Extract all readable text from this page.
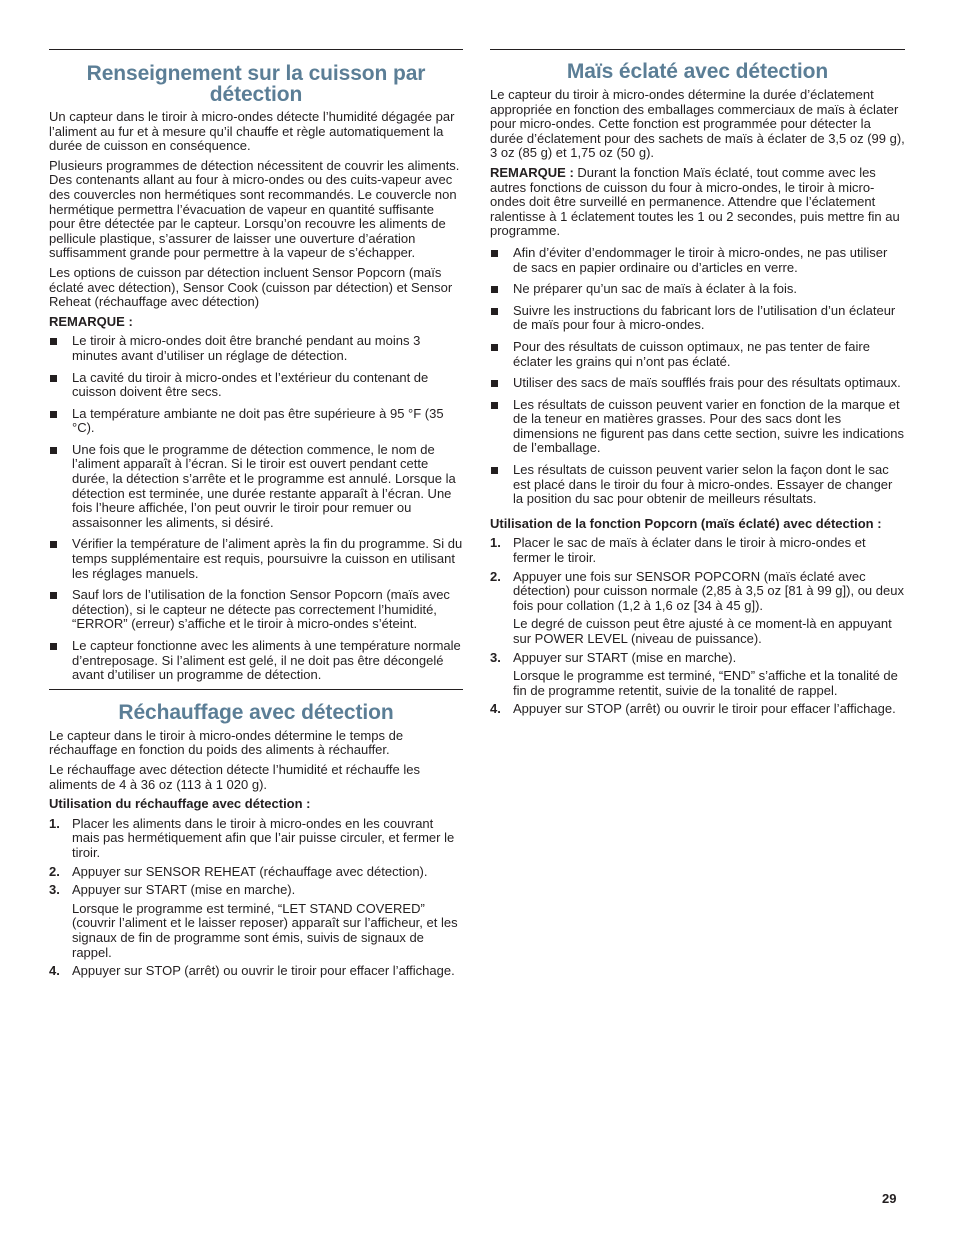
Renseignement sur la cuisson par détection

Un capteur dans le tiroir à micro-ondes détecte l’humidité dégagée par l’aliment au fur et à mesure qu’il chauffe et règle automatiquement la durée de cuisson en conséquence.

Plusieurs programmes de détection nécessitent de couvrir les aliments. Des contenants allant au four à micro-ondes ou des cuits-vapeur avec des couvercles non hermétiques sont recommandés. Le couvercle non hermétique permettra l’évacuation de vapeur en quantité suffisante pour être détectée par le capteur. Lorsqu’on recouvre les aliments de pellicule plastique, s’assurer de laisser une ouverture d’aération suffisamment grande pour permettre à la vapeur de s’échapper.

Les options de cuisson par détection incluent Sensor Popcorn (maïs éclaté avec détection), Sensor Cook (cuisson par détection) et Sensor Reheat (réchauffage avec détection)

REMARQUE :

Le tiroir à micro-ondes doit être branché pendant au moins 3 minutes avant d’utiliser un réglage de détection.
La cavité du tiroir à micro-ondes et l’extérieur du contenant de cuisson doivent être secs.
La température ambiante ne doit pas être supérieure à 95 °F (35 °C).
Une fois que le programme de détection commence, le nom de l’aliment apparaît à l’écran. Si le tiroir est ouvert pendant cette durée, la détection s’arrête et le programme est annulé. Lorsque la détection est terminée, une durée restante apparaît à l’écran. Une fois l’heure affichée, l’on peut ouvrir le tiroir pour remuer ou assaisonner les aliments, si désiré.
Vérifier la température de l’aliment après la fin du programme. Si du temps supplémentaire est requis, poursuivre la cuisson en utilisant les réglages manuels.
Sauf lors de l’utilisation de la fonction Sensor Popcorn (maïs avec détection), si le capteur ne détecte pas correctement l’humidité, “ERROR” (erreur) s’affiche et le tiroir à micro-ondes s’éteint.
Le capteur fonctionne avec les aliments à une température normale d’entreposage. Si l’aliment est gelé, il ne doit pas être décongelé avant d’utiliser un programme de détection.
Réchauffage avec détection

Le capteur dans le tiroir à micro-ondes détermine le temps de réchauffage en fonction du poids des aliments à réchauffer.

Le réchauffage avec détection détecte l’humidité et réchauffe les aliments de 4 à 36 oz (113 à 1 020 g).

Utilisation du réchauffage avec détection :

1. Placer les aliments dans le tiroir à micro-ondes en les couvrant mais pas hermétiquement afin que l’air puisse circuler, et fermer le tiroir.
2. Appuyer sur SENSOR REHEAT (réchauffage avec détection).
3. Appuyer sur START (mise en marche).
Lorsque le programme est terminé, “LET STAND COVERED” (couvrir l’aliment et le laisser reposer) apparaît sur l’afficheur, et les signaux de fin de programme sont émis, suivis de signaux de rappel.
4. Appuyer sur STOP (arrêt) ou ouvrir le tiroir pour effacer l’affichage.
Maïs éclaté avec détection

Le capteur du tiroir à micro-ondes détermine la durée d’éclatement appropriée en fonction des emballages commerciaux de maïs à éclater pour micro-ondes. Cette fonction est programmée pour détecter la durée d’éclatement pour des sachets de maïs à éclater de 3,5 oz (99 g), 3 oz (85 g) et 1,75 oz (50 g).

REMARQUE : Durant la fonction Maïs éclaté, tout comme avec les autres fonctions de cuisson du four à micro-ondes, le tiroir à micro-ondes doit être surveillé en permanence. Attendre que l’éclatement ralentisse à 1 éclatement toutes les 1 ou 2 secondes, puis mettre fin au programme.

Afin d’éviter d’endommager le tiroir à micro-ondes, ne pas utiliser de sacs en papier ordinaire ou d’articles en verre.
Ne préparer qu’un sac de maïs à éclater à la fois.
Suivre les instructions du fabricant lors de l’utilisation d’un éclateur de maïs pour four à micro-ondes.
Pour des résultats de cuisson optimaux, ne pas tenter de faire éclater les grains qui n’ont pas éclaté.
Utiliser des sacs de maïs soufflés frais pour des résultats optimaux.
Les résultats de cuisson peuvent varier en fonction de la marque et de la teneur en matières grasses. Pour des sacs dont les dimensions ne figurent pas dans cette section, suivre les indications de l’emballage.
Les résultats de cuisson peuvent varier selon la façon dont le sac est placé dans le tiroir du four à micro-ondes. Essayer de changer la position du sac pour obtenir de meilleurs résultats.

Utilisation de la fonction Popcorn (maïs éclaté) avec détection :

1. Placer le sac de maïs à éclater dans le tiroir à micro-ondes et fermer le tiroir.
2. Appuyer une fois sur SENSOR POPCORN (maïs éclaté avec détection) pour cuisson normale (2,85 à 3,5 oz [81 à 99 g]), ou deux fois pour collation (1,2 à 1,6 oz [34 à 45 g]).
Le degré de cuisson peut être ajusté à ce moment-là en appuyant sur POWER LEVEL (niveau de puissance).
3. Appuyer sur START (mise en marche).
Lorsque le programme est terminé, “END” s’affiche et la tonalité de fin de programme retentit, suivie de la tonalité de rappel.
4. Appuyer sur STOP (arrêt) ou ouvrir le tiroir pour effacer l’affichage.
29
